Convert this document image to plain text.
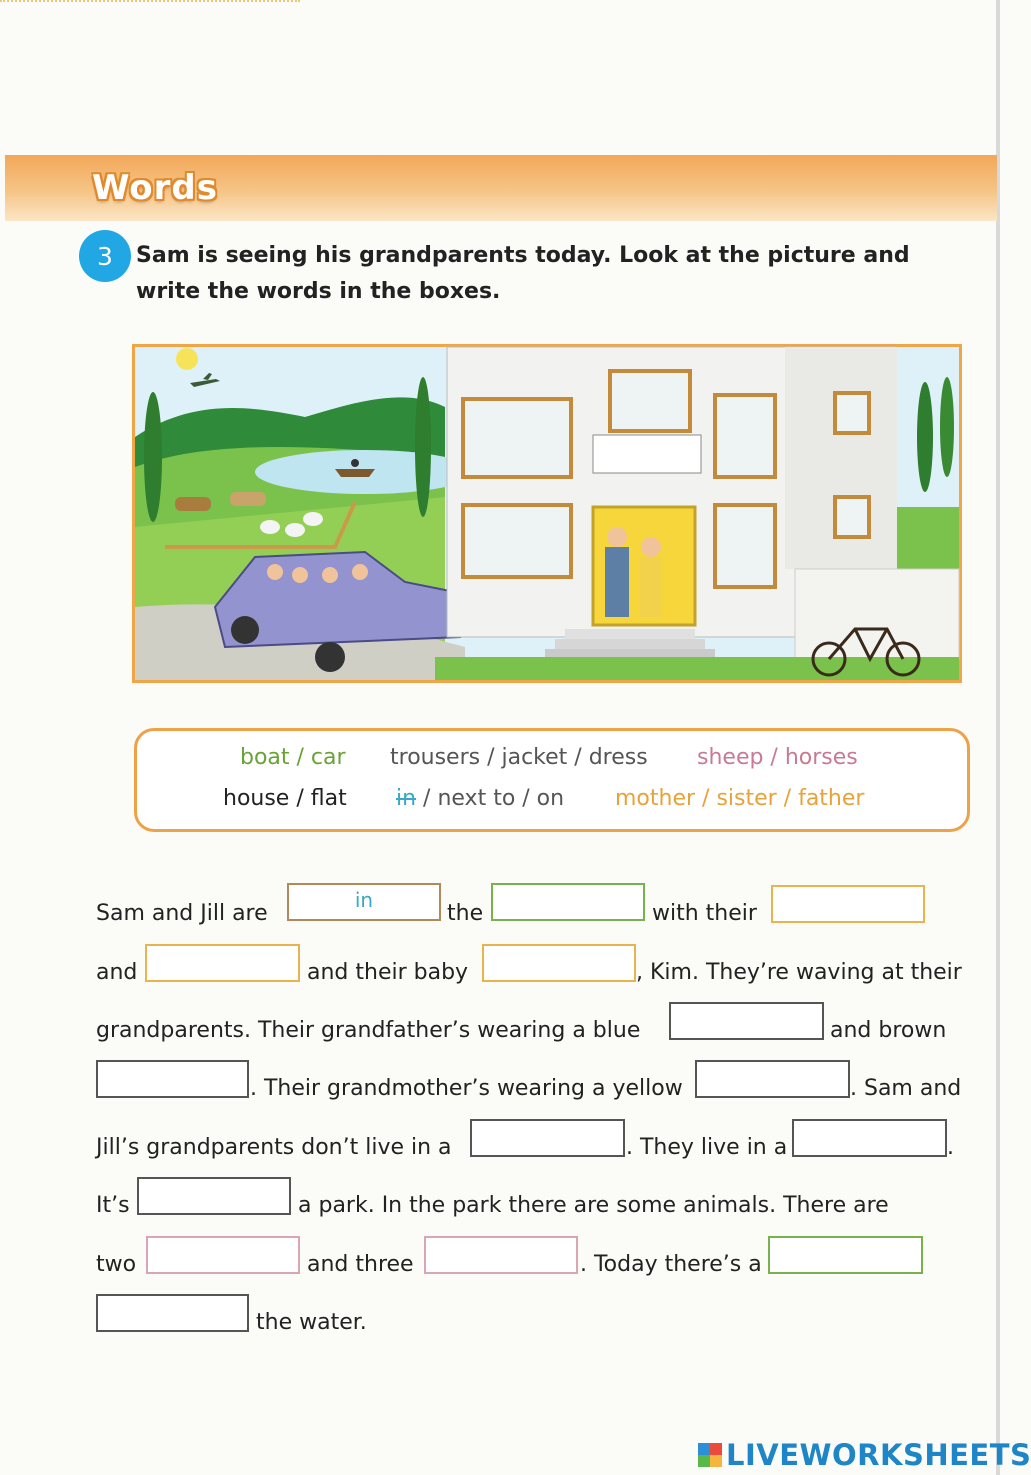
Words
3	Sam is seeing his grandparents today. Look at the picture and write the words in the boxes.
boat / car trousers / jacket / dress sheep / horses
house / flat in / next to / on mother / sister / father
Sam and Jill are
in
the	with their
and	and their baby	, Kim. They’re waving at their
grandparents. Their grandfather’s wearing a blue	and brown
. Their grandmother’s wearing a yellow	. Sam and
Jill’s grandparents don’t live in a	. They live in a	.
It’s	a park. In the park there are some animals. There are
two	and three	. Today there’s a
the water.
LIVEWORKSHEETS
